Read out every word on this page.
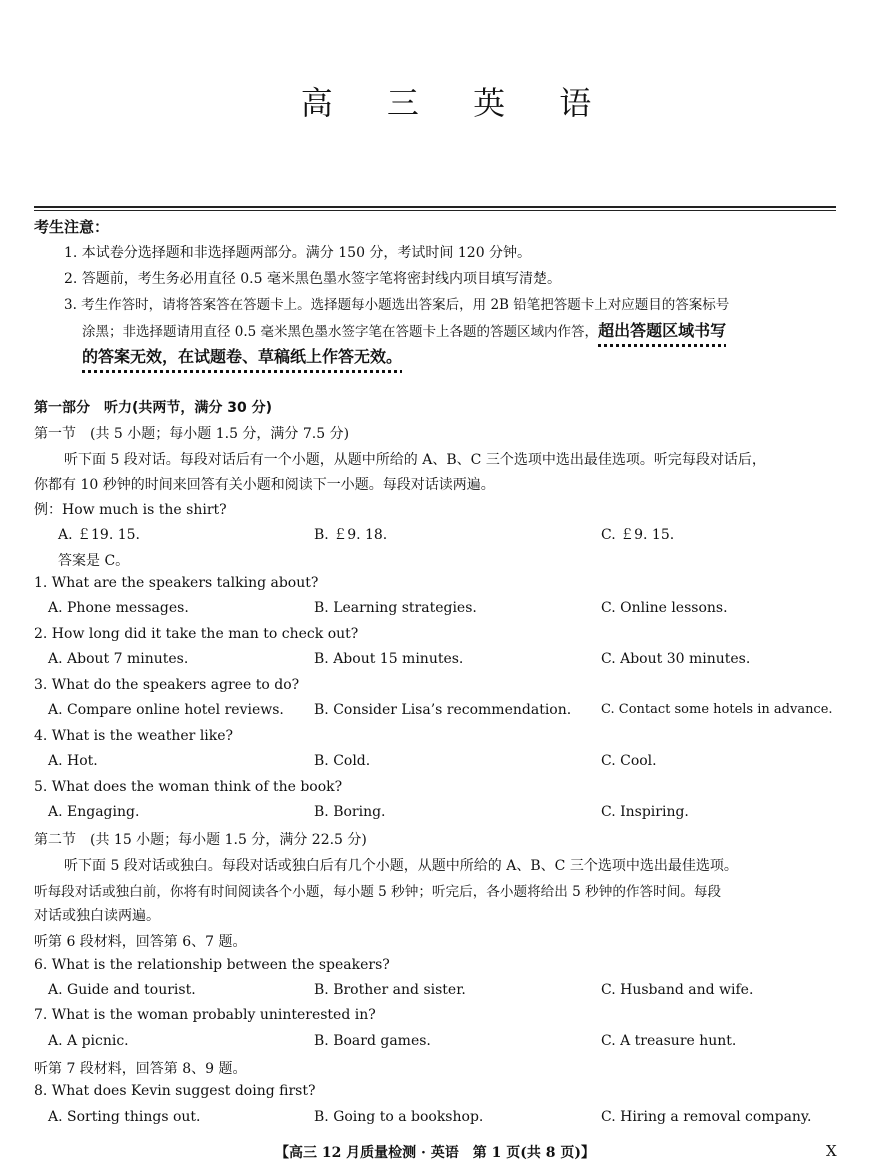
高 三 英 语
考生注意：
1. 本试卷分选择题和非选择题两部分。满分 150 分，考试时间 120 分钟。
2. 答题前，考生务必用直径 0.5 毫米黑色墨水签字笔将密封线内项目填写清楚。
3. 考生作答时，请将答案答在答题卡上。选择题每小题选出答案后，用 2B 铅笔把答题卡上对应题目的答案标号
涂黑；非选择题请用直径 0.5 毫米黑色墨水签字笔在答题卡上各题的答题区域内作答，超出答题区域书写
的答案无效，在试题卷、草稿纸上作答无效。
第一部分　听力(共两节，满分 30 分)
第一节　(共 5 小题；每小题 1.5 分，满分 7.5 分)
听下面 5 段对话。每段对话后有一个小题，从题中所给的 A、B、C 三个选项中选出最佳选项。听完每段对话后，
你都有 10 秒钟的时间来回答有关小题和阅读下一小题。每段对话读两遍。
例：How much is the shirt?
A. ￡19. 15.	B. ￡9. 18.	C. ￡9. 15.
答案是 C。
1. What are the speakers talking about?
A. Phone messages.	B. Learning strategies.	C. Online lessons.
2. How long did it take the man to check out?
A. About 7 minutes.	B. About 15 minutes.	C. About 30 minutes.
3. What do the speakers agree to do?
A. Compare online hotel reviews. B. Consider Lisa’s recommendation. C. Contact some hotels in advance.
4. What is the weather like?
A. Hot.	B. Cold.	C. Cool.
5. What does the woman think of the book?
A. Engaging.	B. Boring.	C. Inspiring.
第二节　(共 15 小题；每小题 1.5 分，满分 22.5 分)
听下面 5 段对话或独白。每段对话或独白后有几个小题，从题中所给的 A、B、C 三个选项中选出最佳选项。
听每段对话或独白前，你将有时间阅读各个小题，每小题 5 秒钟；听完后，各小题将给出 5 秒钟的作答时间。每段
对话或独白读两遍。
听第 6 段材料，回答第 6、7 题。
6. What is the relationship between the speakers?
A. Guide and tourist.	B. Brother and sister.	C. Husband and wife.
7. What is the woman probably uninterested in?
A. A picnic.	B. Board games.	C. A treasure hunt.
听第 7 段材料，回答第 8、9 题。
8. What does Kevin suggest doing first?
A. Sorting things out.	B. Going to a bookshop.	C. Hiring a removal company.
【高三 12 月质量检测 · 英语　第 1 页(共 8 页)】	X
